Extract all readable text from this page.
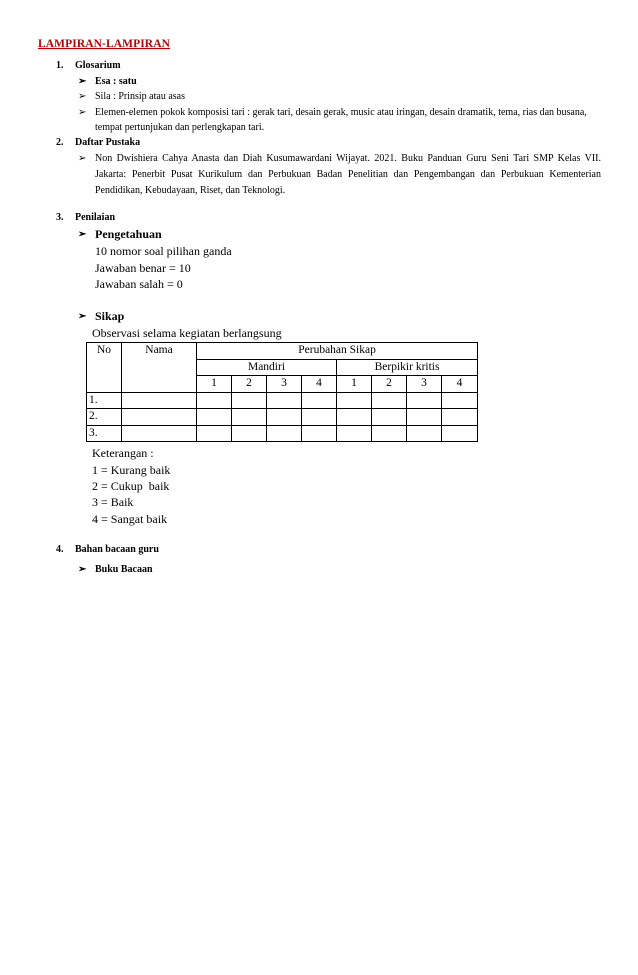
LAMPIRAN-LAMPIRAN
1. Glosarium
➢ Esa : satu
➢ Sila : Prinsip atau asas
➢ Elemen-elemen pokok komposisi tari : gerak tari, desain gerak, music atau iringan, desain dramatik, tema, rias dan busana, tempat pertunjukan dan perlengkapan tari.
2. Daftar Pustaka
➢ Non Dwishiera Cahya Anasta dan Diah Kusumawardani Wijayat. 2021. Buku Panduan Guru Seni Tari SMP Kelas VII. Jakarta: Penerbit Pusat Kurikulum dan Perbukuan Badan Penelitian dan Pengembangan dan Perbukuan Kementerian Pendidikan, Kebudayaan, Riset, dan Teknologi.
3. Penilaian
➢ Pengetahuan
10 nomor soal pilihan ganda
Jawaban benar = 10
Jawaban salah = 0
➢ Sikap
Observasi selama kegiatan berlangsung
No	Nama	Perubahan Sikap							
		Mandiri				Berpikir kritis			
		1	2	3	4	1	2	3	4
1.									
2.									
3.									
Keterangan :
1 = Kurang baik
2 = Cukup  baik
3 = Baik
4 = Sangat baik
4. Bahan bacaan guru
➢ Buku Bacaan
